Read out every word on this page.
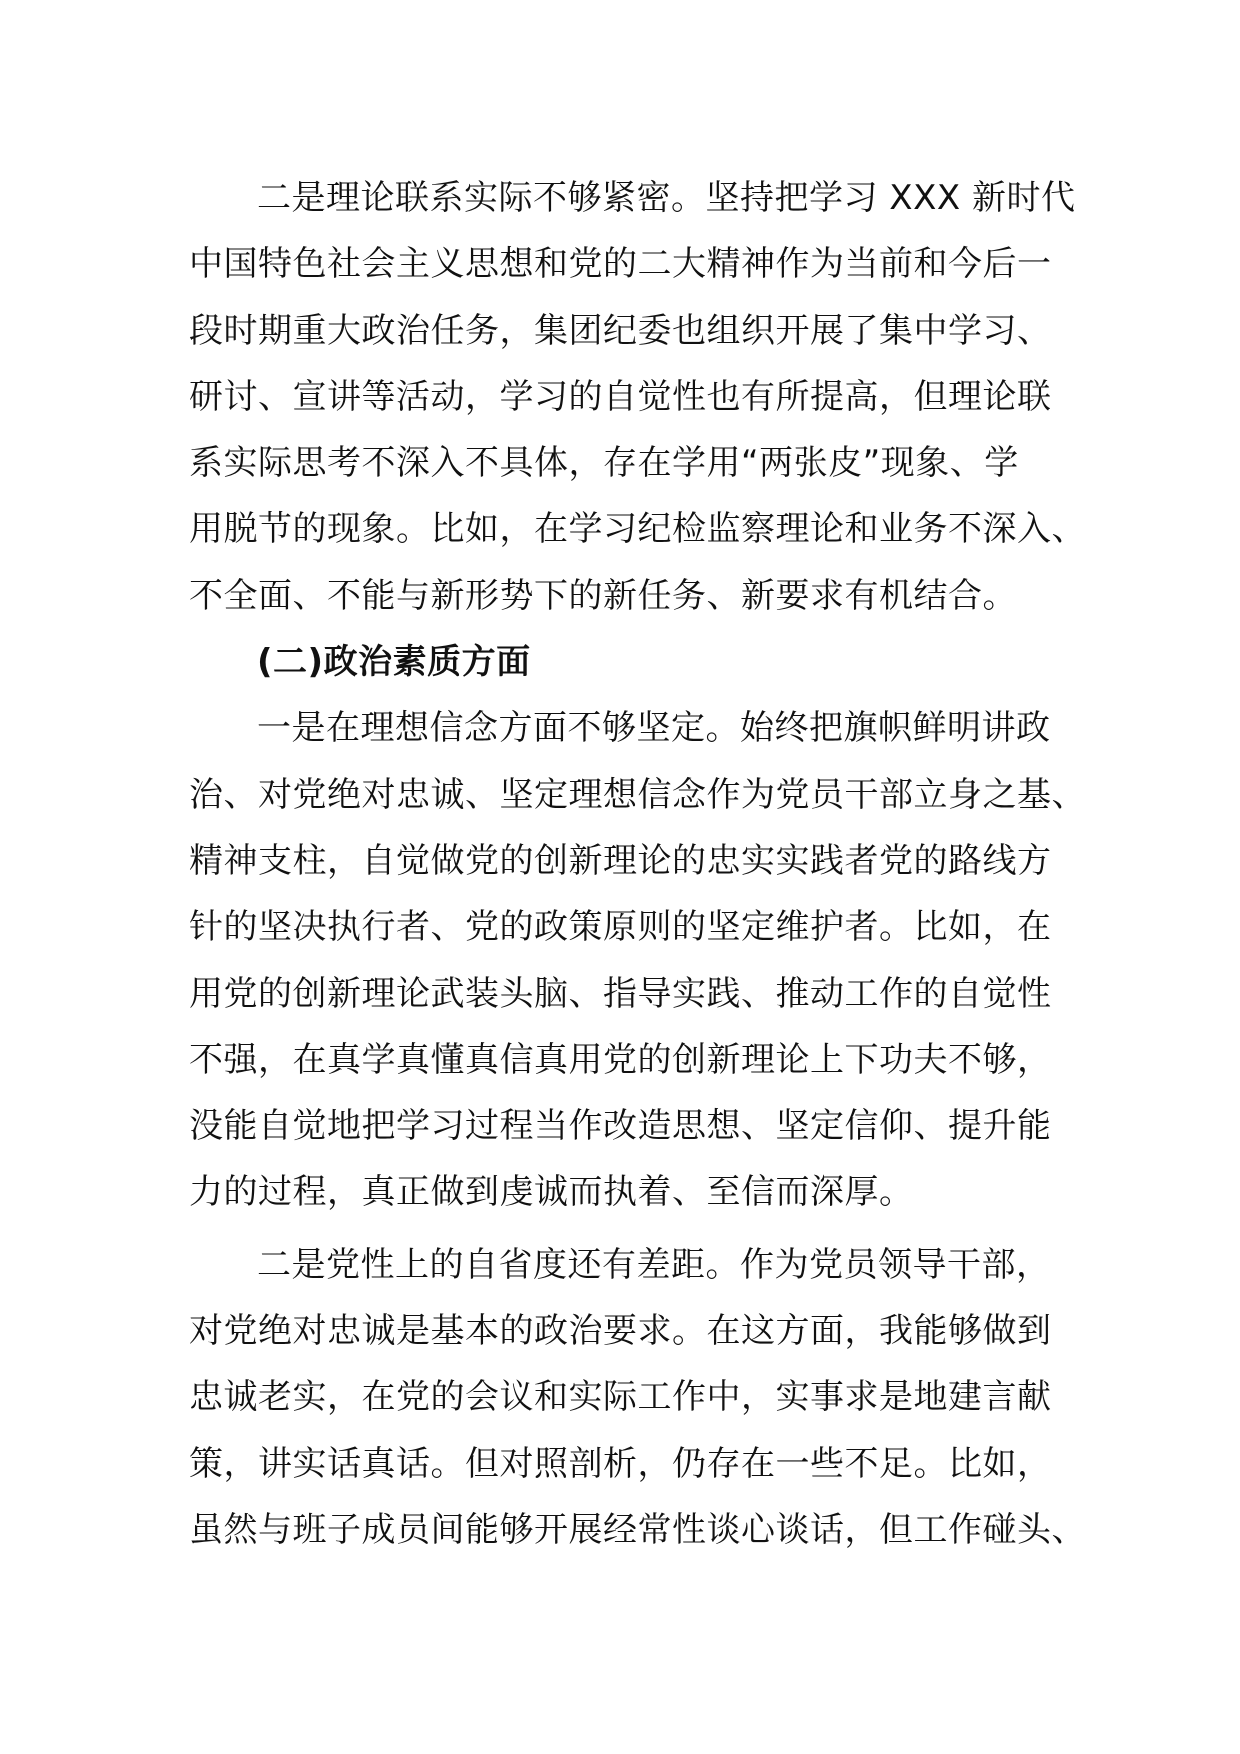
二是理论联系实际不够紧密。坚持把学习 XXX 新时代
中国特色社会主义思想和党的二大精神作为当前和今后一
段时期重大政治任务，集团纪委也组织开展了集中学习、
研讨、宣讲等活动，学习的自觉性也有所提高，但理论联
系实际思考不深入不具体，存在学用“两张皮”现象、学
用脱节的现象。比如，在学习纪检监察理论和业务不深入、
不全面、不能与新形势下的新任务、新要求有机结合。
(二)政治素质方面
一是在理想信念方面不够坚定。始终把旗帜鲜明讲政
治、对党绝对忠诚、坚定理想信念作为党员干部立身之基、
精神支柱，自觉做党的创新理论的忠实实践者党的路线方
针的坚决执行者、党的政策原则的坚定维护者。比如，在
用党的创新理论武装头脑、指导实践、推动工作的自觉性
不强，在真学真懂真信真用党的创新理论上下功夫不够，
没能自觉地把学习过程当作改造思想、坚定信仰、提升能
力的过程，真正做到虔诚而执着、至信而深厚。
二是党性上的自省度还有差距。作为党员领导干部，
对党绝对忠诚是基本的政治要求。在这方面，我能够做到
忠诚老实，在党的会议和实际工作中，实事求是地建言献
策，讲实话真话。但对照剖析，仍存在一些不足。比如，
虽然与班子成员间能够开展经常性谈心谈话，但工作碰头、
